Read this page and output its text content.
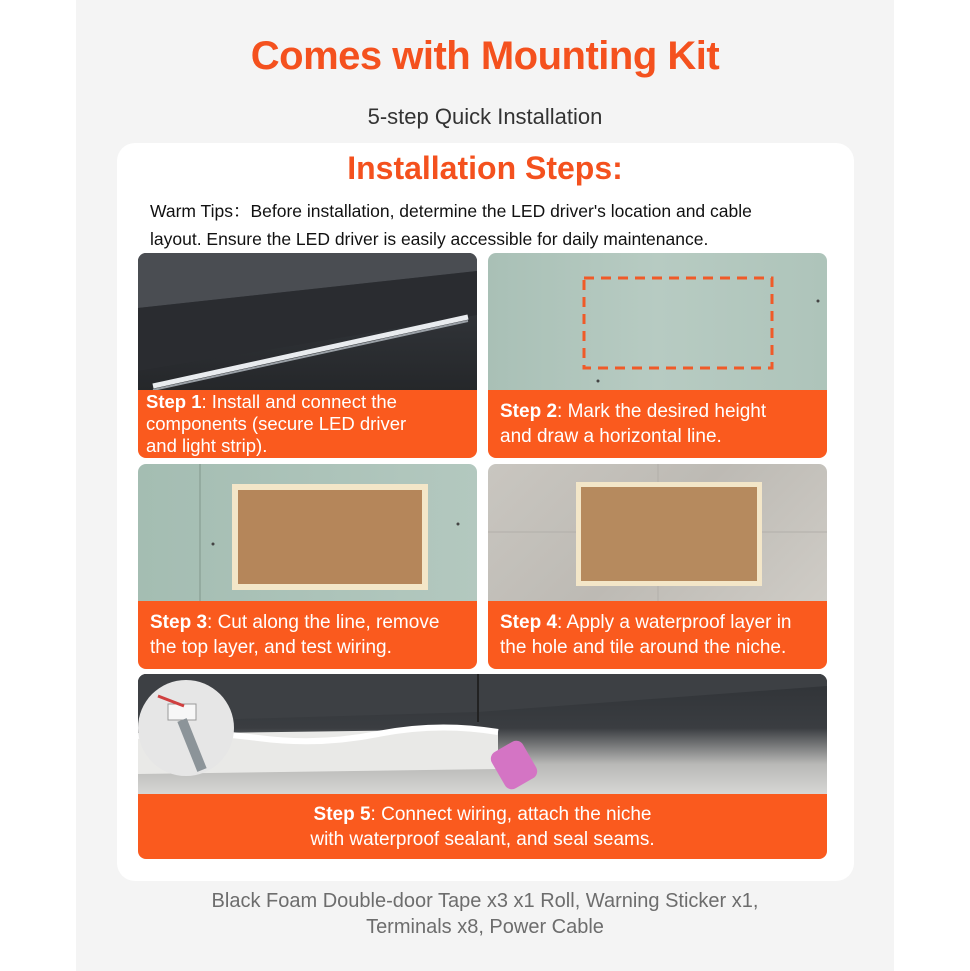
Comes with Mounting Kit
5-step Quick Installation
Installation Steps:
Warm Tips：Before installation, determine the LED driver's location and cable
layout. Ensure the LED driver is easily accessible for daily maintenance.
Step 1: Install and connect the
components (secure LED driver
and light strip).
Step 2: Mark the desired height
and draw a horizontal line.
Step 3: Cut along the line, remove
the top layer, and test wiring.
Step 4: Apply a waterproof layer in
the hole and tile around the niche.
Step 5: Connect wiring, attach the niche
with waterproof sealant, and seal seams.
Black Foam Double-door Tape x3 x1 Roll, Warning Sticker x1,
Terminals x8, Power Cable
